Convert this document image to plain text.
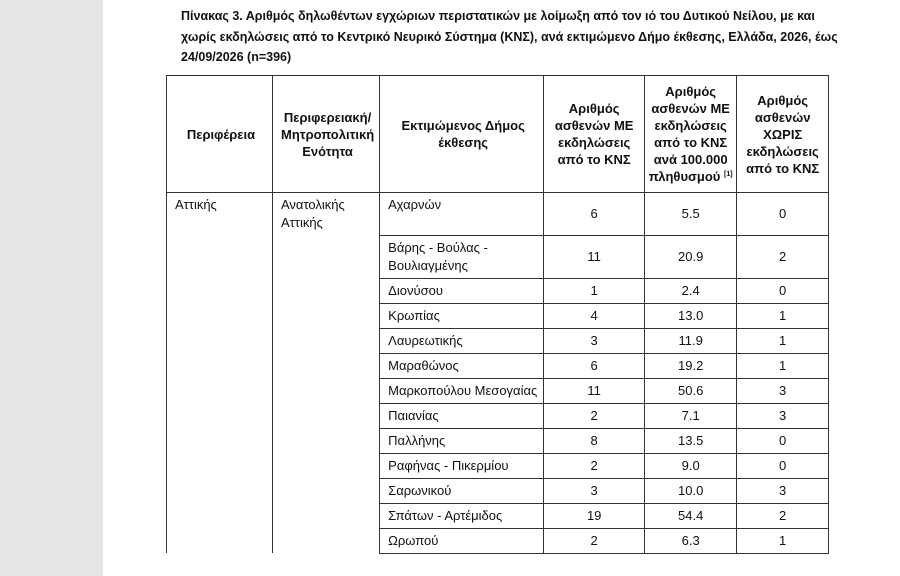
Πίνακας 3. Αριθμός δηλωθέντων εγχώριων περιστατικών με λοίμωξη από τον ιό του Δυτικού Νείλου, με και χωρίς εκδηλώσεις από το Κεντρικό Νευρικό Σύστημα (ΚΝΣ), ανά εκτιμώμενο Δήμο έκθεσης, Ελλάδα, 2026, έως 24/09/2026 (n=396)
Περιφέρεια	Περιφερειακή/ Μητροπολιτική Ενότητα	Εκτιμώμενος Δήμος έκθεσης	Αριθμός ασθενών ΜΕ εκδηλώσεις από το ΚΝΣ	Αριθμός ασθενών ΜΕ εκδηλώσεις από το ΚΝΣ ανά 100.000 πληθυσμού [1]	Αριθμός ασθενών ΧΩΡΙΣ εκδηλώσεις από το ΚΝΣ
Αττικής	Ανατολικής Αττικής	Αχαρνών	6	5.5	0
		Βάρης - Βούλας - Βουλιαγμένης	11	20.9	2
		Διονύσου	1	2.4	0
		Κρωπίας	4	13.0	1
		Λαυρεωτικής	3	11.9	1
		Μαραθώνος	6	19.2	1
		Μαρκοπούλου Μεσογαίας	11	50.6	3
		Παιανίας	2	7.1	3
		Παλλήνης	8	13.5	0
		Ραφήνας - Πικερμίου	2	9.0	0
		Σαρωνικού	3	10.0	3
		Σπάτων - Αρτέμιδος	19	54.4	2
		Ωρωπού	2	6.3	1
